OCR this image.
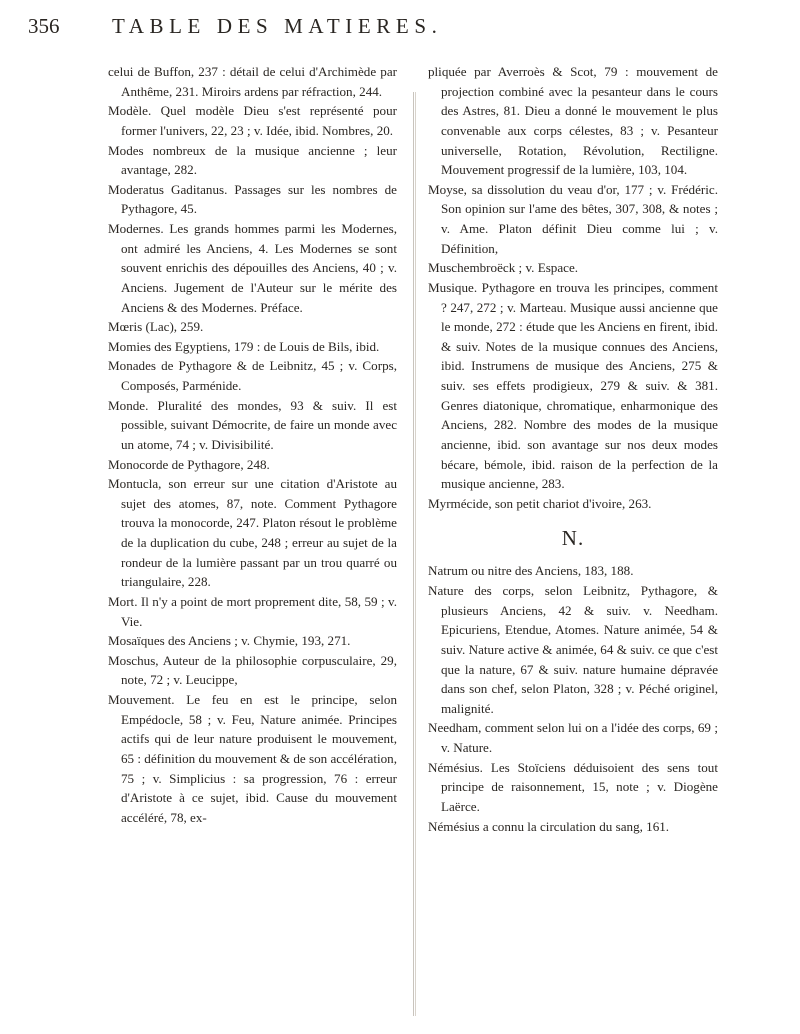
356	TABLE DES MATIERES.

celui de Buffon, 237 : détail de celui d'Archimède par Anthême, 231. Miroirs ardens par réfraction, 244.

Modèle. Quel modèle Dieu s'est représenté pour former l'univers, 22, 23 ; v. Idée, ibid. Nombres, 20.

Modes nombreux de la musique ancienne ; leur avantage, 282.

Moderatus Gaditanus. Passages sur les nombres de Pythagore, 45.

Modernes. Les grands hommes parmi les Modernes, ont admiré les Anciens, 4. Les Modernes se sont souvent enrichis des dépouilles des Anciens, 40 ; v. Anciens. Jugement de l'Auteur sur le mérite des Anciens & des Modernes. Préface.

Mœris (Lac), 259.

Momies des Egyptiens, 179 : de Louis de Bils, ibid.

Monades de Pythagore & de Leibnitz, 45 ; v. Corps, Composés, Parménide.

Monde. Pluralité des mondes, 93 & suiv. Il est possible, suivant Démocrite, de faire un monde avec un atome, 74 ; v. Divisibilité.

Monocorde de Pythagore, 248.

Montucla, son erreur sur une citation d'Aristote au sujet des atomes, 87, note. Comment Pythagore trouva la monocorde, 247. Platon résout le problème de la duplication du cube, 248 ; erreur au sujet de la rondeur de la lumière passant par un trou quarré ou triangulaire, 228.

Mort. Il n'y a point de mort proprement dite, 58, 59 ; v. Vie.

Mosaïques des Anciens ; v. Chymie, 193, 271.

Moschus, Auteur de la philosophie corpusculaire, 29, note, 72 ; v. Leucippe,

Mouvement. Le feu en est le principe, selon Empédocle, 58 ; v. Feu, Nature animée. Principes actifs qui de leur nature produisent le mouvement, 65 : définition du mouvement & de son accélération, 75 ; v. Simplicius : sa progression, 76 : erreur d'Aristote à ce sujet, ibid. Cause du mouvement accéléré, 78, ex-

pliquée par Averroès & Scot, 79 : mouvement de projection combiné avec la pesanteur dans le cours des Astres, 81. Dieu a donné le mouvement le plus convenable aux corps célestes, 83 ; v. Pesanteur universelle, Rotation, Révolution, Rectiligne. Mouvement progressif de la lumière, 103, 104.

Moyse, sa dissolution du veau d'or, 177 ; v. Frédéric. Son opinion sur l'ame des bêtes, 307, 308, & notes ; v. Ame. Platon définit Dieu comme lui ; v. Définition,

Muschembroëck ; v. Espace.

Musique. Pythagore en trouva les principes, comment ? 247, 272 ; v. Marteau. Musique aussi ancienne que le monde, 272 : étude que les Anciens en firent, ibid. & suiv. Notes de la musique connues des Anciens, ibid. Instrumens de musique des Anciens, 275 & suiv. ses effets prodigieux, 279 & suiv. & 381. Genres diatonique, chromatique, enharmonique des Anciens, 282. Nombre des modes de la musique ancienne, ibid. son avantage sur nos deux modes bécare, bémole, ibid. raison de la perfection de la musique ancienne, 283.

Myrmécide, son petit chariot d'ivoire, 263.

N.

Natrum ou nitre des Anciens, 183, 188.

Nature des corps, selon Leibnitz, Pythagore, & plusieurs Anciens, 42 & suiv. v. Needham. Epicuriens, Etendue, Atomes. Nature animée, 54 & suiv. Nature active & animée, 64 & suiv. ce que c'est que la nature, 67 & suiv. nature humaine dépravée dans son chef, selon Platon, 328 ; v. Péché originel, malignité.

Needham, comment selon lui on a l'idée des corps, 69 ; v. Nature.

Némésius. Les Stoïciens déduisoient des sens tout principe de raisonnement, 15, note ; v. Diogène Laërce.

Némésius a connu la circulation du sang, 161.
